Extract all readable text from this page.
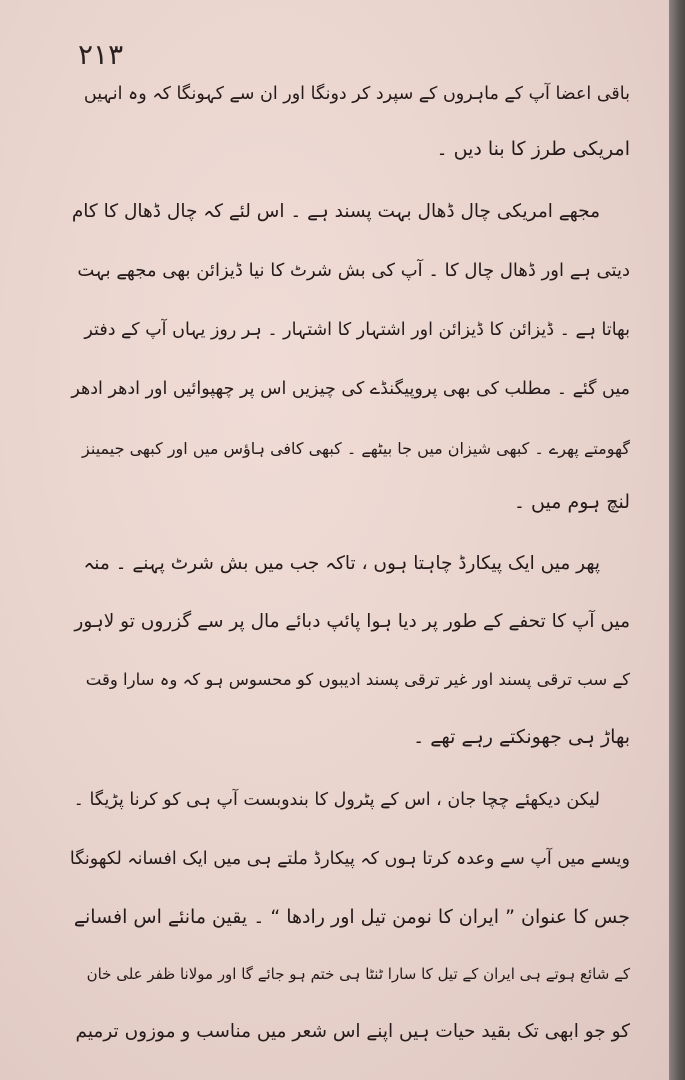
۲۱۳
باقی اعضا آپ کے ماہروں کے سپرد کر دونگا اور ان سے کہونگا کہ وہ انہیں
امریکی طرز کا بنا دیں ۔
مجھے امریکی چال ڈھال بہت پسند ہے ۔ اس لئے کہ چال ڈھال کا کام
دیتی ہے اور ڈھال چال کا ۔ آپ کی بش شرٹ کا نیا ڈیزائن بھی مجھے بہت
بھاتا ہے ۔ ڈیزائن کا ڈیزائن اور اشتہار کا اشتہار ۔ ہر روز یہاں آپ کے دفتر
میں گئے ۔ مطلب کی بھی پروپیگنڈے کی چیزیں اس پر چھپوائیں اور ادھر ادھر
گھومتے پھرے ۔ کبھی شیزان میں جا بیٹھے ۔ کبھی کافی ہاؤس میں اور کبھی جیمینز
لنچ ہوم میں ۔
پھر میں ایک پیکارڈ چاہتا ہوں ، تاکہ جب میں بش شرٹ پہنے ۔ منہ
میں آپ کا تحفے کے طور پر دیا ہوا پائپ دبائے مال پر سے گزروں تو لاہور
کے سب ترقی پسند اور غیر ترقی پسند ادیبوں کو محسوس ہو کہ وہ سارا وقت
بھاڑ ہی جھونکتے رہے تھے ۔
لیکن دیکھئے چچا جان ، اس کے پٹرول کا بندوبست آپ ہی کو کرنا پڑیگا ۔
ویسے میں آپ سے وعدہ کرتا ہوں کہ پیکارڈ ملتے ہی میں ایک افسانہ لکھونگا
جس کا عنوان ” ایران کا نومن تیل اور رادھا “ ۔ یقین مانئے اس افسانے
کے شائع ہوتے ہی ایران کے تیل کا سارا ٹنٹا ہی ختم ہو جائے گا اور مولانا ظفر علی خان
کو جو ابھی تک بقید حیات ہیں اپنے اس شعر میں مناسب و موزوں ترمیم
